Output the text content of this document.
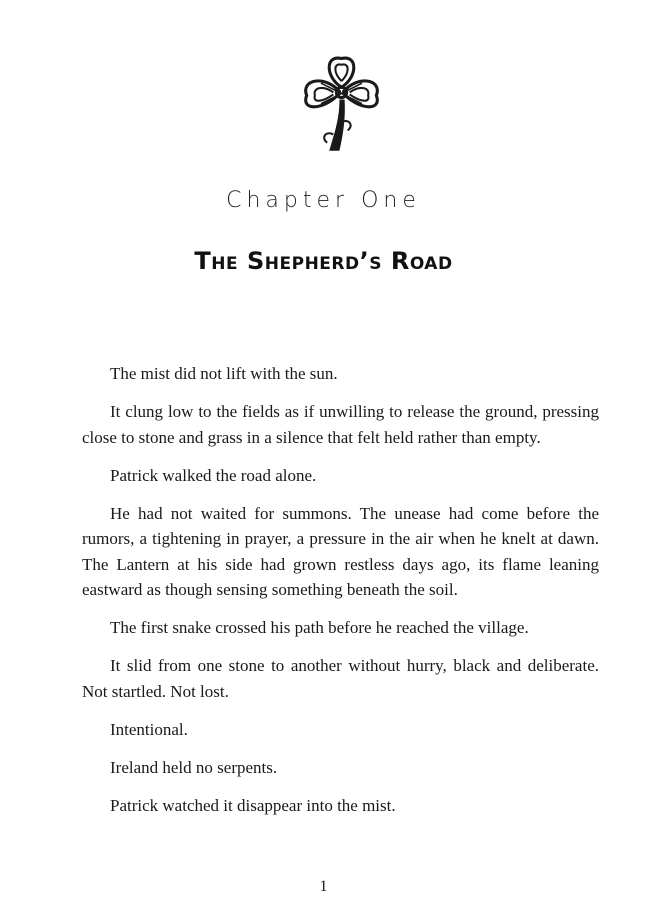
Chapter One
The Shepherd’s Road

The mist did not lift with the sun.

It clung low to the fields as if unwilling to release the ground, pressing close to stone and grass in a silence that felt held rather than empty.

Patrick walked the road alone.

He had not waited for summons. The unease had come before the rumors, a tightening in prayer, a pressure in the air when he knelt at dawn. The Lantern at his side had grown restless days ago, its flame leaning eastward as though sensing something beneath the soil.

The first snake crossed his path before he reached the village.

It slid from one stone to another without hurry, black and deliberate. Not startled. Not lost.

Intentional.

Ireland held no serpents.

Patrick watched it disappear into the mist.

1
